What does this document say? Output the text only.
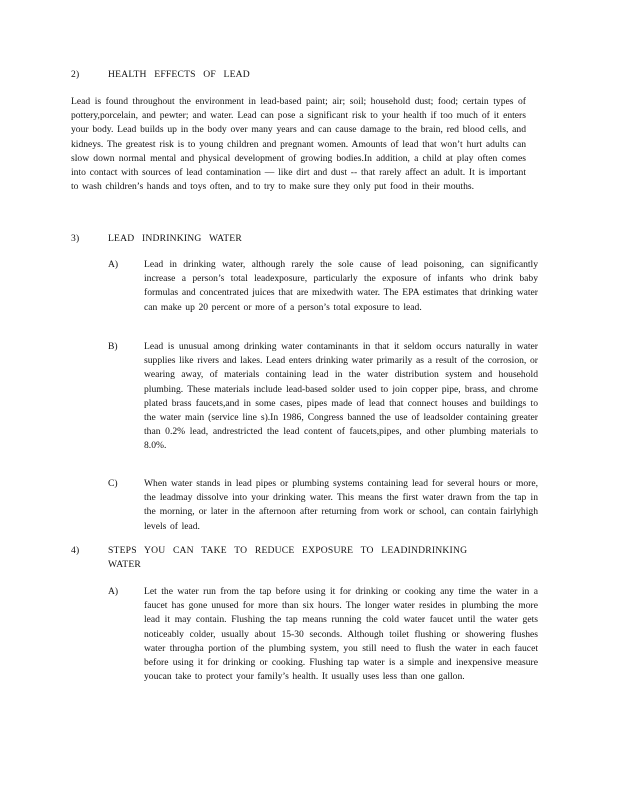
2)	HEALTH EFFECTS OF LEAD
Lead is found throughout the environment in lead-based paint; air; soil; household dust; food; certain types of pottery,porcelain, and pewter; and water. Lead can pose a significant risk to your health if too much of it enters your body. Lead builds up in the body over many years and can cause damage to the brain, red blood cells, and kidneys. The greatest risk is to young children and pregnant women. Amounts of lead that won’t hurt adults can slow down normal mental and physical development of growing bodies.In addition, a child at play often comes into contact with sources of lead contamination — like dirt and dust -- that rarely affect an adult. It is important to wash children’s hands and toys often, and to try to make sure they only put food in their mouths.
3)	LEAD INDRINKING WATER
A)	Lead in drinking water, although rarely the sole cause of lead poisoning, can significantly increase a person’s total leadexposure, particularly the exposure of infants who drink baby formulas and concentrated juices that are mixedwith water. The EPA estimates that drinking water can make up 20 percent or more of a person’s total exposure to lead.
B)	Lead is unusual among drinking water contaminants in that it seldom occurs naturally in water supplies like rivers and lakes. Lead enters drinking water primarily as a result of the corrosion, or wearing away, of materials containing lead in the water distribution system and household plumbing. These materials include lead-based solder used to join copper pipe, brass, and chrome plated brass faucets,and in some cases, pipes made of lead that connect houses and buildings to the water main (service line s).In 1986, Congress banned the use of leadsolder containing greater than 0.2% lead, andrestricted the lead content of faucets,pipes, and other plumbing materials to 8.0%.
C)	When water stands in lead pipes or plumbing systems containing lead for several hours or more, the leadmay dissolve into your drinking water. This means the first water drawn from the tap in the morning, or later in the afternoon after returning from work or school, can contain fairlyhigh levels of lead.
4)	STEPS YOU CAN TAKE TO REDUCE EXPOSURE TO LEADINDRINKING WATER
A)	Let the water run from the tap before using it for drinking or cooking any time the water in a faucet has gone unused for more than six hours. The longer water resides in plumbing the more lead it may contain. Flushing the tap means running the cold water faucet until the water gets noticeably colder, usually about 15-30 seconds. Although toilet flushing or showering flushes water througha portion of the plumbing system, you still need to flush the water in each faucet before using it for drinking or cooking. Flushing tap water is a simple and inexpensive measure youcan take to protect your family’s health. It usually uses less than one gallon.
